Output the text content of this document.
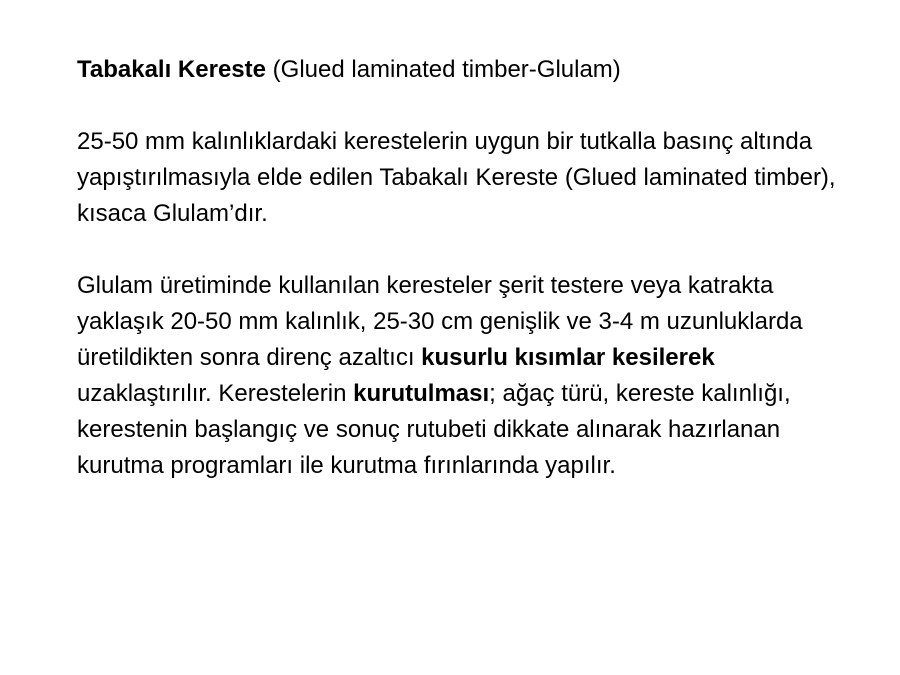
Tabakalı Kereste (Glued laminated timber-Glulam)

25-50 mm kalınlıklardaki kerestelerin uygun bir tutkalla basınç altında yapıştırılmasıyla elde edilen Tabakalı Kereste (Glued laminated timber), kısaca Glulam’dır.

Glulam üretiminde kullanılan keresteler şerit testere veya katrakta yaklaşık 20-50 mm kalınlık, 25-30 cm genişlik ve 3-4 m uzunluklarda üretildikten sonra direnç azaltıcı kusurlu kısımlar kesilerek uzaklaştırılır. Kerestelerin kurutulması; ağaç türü, kereste kalınlığı, kerestenin başlangıç ve sonuç rutubeti dikkate alınarak hazırlanan kurutma programları ile kurutma fırınlarında yapılır.
